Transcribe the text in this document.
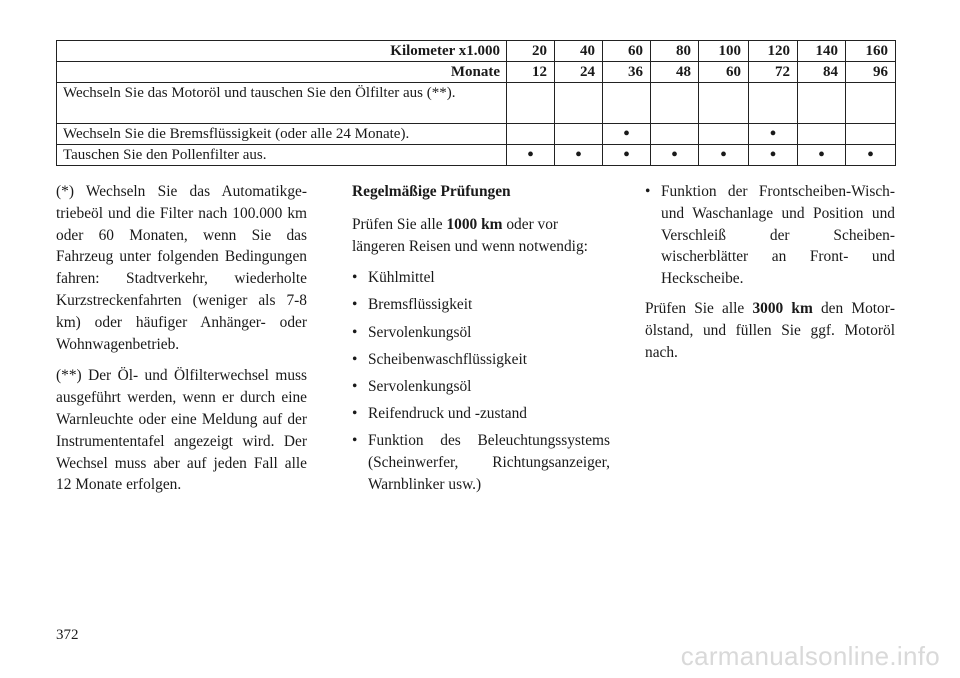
Kilometer x1.000	20	40	60	80	100	120	140	160
Monate	12	24	36	48	60	72	84	96
Wechseln Sie das Motoröl und tauschen Sie den Ölfilter aus (**).								
Wechseln Sie die Bremsflüssigkeit (oder alle 24 Monate).			•			•		
Tauschen Sie den Pollenfilter aus.	•	•	•	•	•	•	•	•

(*) Wechseln Sie das Automatikgetriebeöl und die Filter nach 100.000 km oder 60 Monaten, wenn Sie das Fahrzeug unter folgenden Bedingungen fahren: Stadtverkehr, wiederholte Kurzstreckenfahrten (weniger als 7-8 km) oder häufiger Anhänger- oder Wohnwagenbetrieb.

(**) Der Öl- und Ölfilterwechsel muss ausgeführt werden, wenn er durch eine Warnleuchte oder eine Meldung auf der Instrumententafel angezeigt wird. Der Wechsel muss aber auf jeden Fall alle 12 Monate erfolgen.

Regelmäßige Prüfungen

Prüfen Sie alle 1000 km oder vor längeren Reisen und wenn notwendig:

• Kühlmittel
• Bremsflüssigkeit
• Servolenkungsöl
• Scheibenwaschflüssigkeit
• Servolenkungsöl
• Reifendruck und -zustand
• Funktion des Beleuchtungssystems (Scheinwerfer, Richtungsanzeiger, Warnblinker usw.)
• Funktion der Frontscheiben-Wisch- und Waschanlage und Position und Verschleiß der Scheibenwischerblätter an Front- und Heckscheibe.

Prüfen Sie alle 3000 km den Motorölstand, und füllen Sie ggf. Motoröl nach.

372
carmanualsonline.info
